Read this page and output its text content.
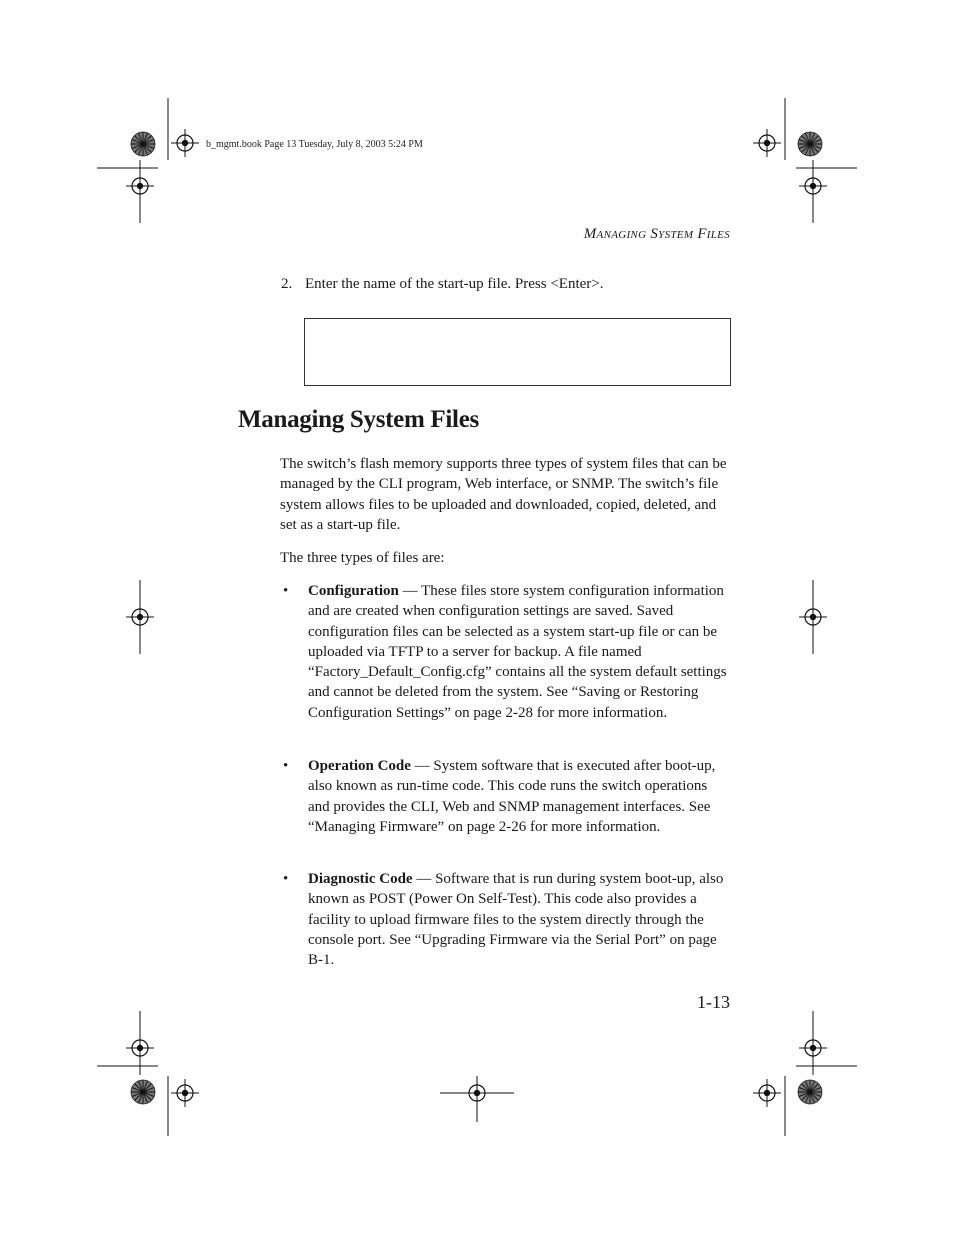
b_mgmt.book Page 13 Tuesday, July 8, 2003 5:24 PM
Managing System Files
2. Enter the name of the start-up file. Press <Enter>.
Managing System Files
The switch’s flash memory supports three types of system files that can be managed by the CLI program, Web interface, or SNMP. The switch’s file system allows files to be uploaded and downloaded, copied, deleted, and set as a start-up file.
The three types of files are:
• Configuration — These files store system configuration information and are created when configuration settings are saved. Saved configuration files can be selected as a system start-up file or can be uploaded via TFTP to a server for backup. A file named “Factory_Default_Config.cfg” contains all the system default settings and cannot be deleted from the system. See “Saving or Restoring Configuration Settings” on page 2-28 for more information.
• Operation Code — System software that is executed after boot-up, also known as run-time code. This code runs the switch operations and provides the CLI, Web and SNMP management interfaces. See “Managing Firmware” on page 2-26 for more information.
• Diagnostic Code — Software that is run during system boot-up, also known as POST (Power On Self-Test). This code also provides a facility to upload firmware files to the system directly through the console port. See “Upgrading Firmware via the Serial Port” on page B-1.
1-13
